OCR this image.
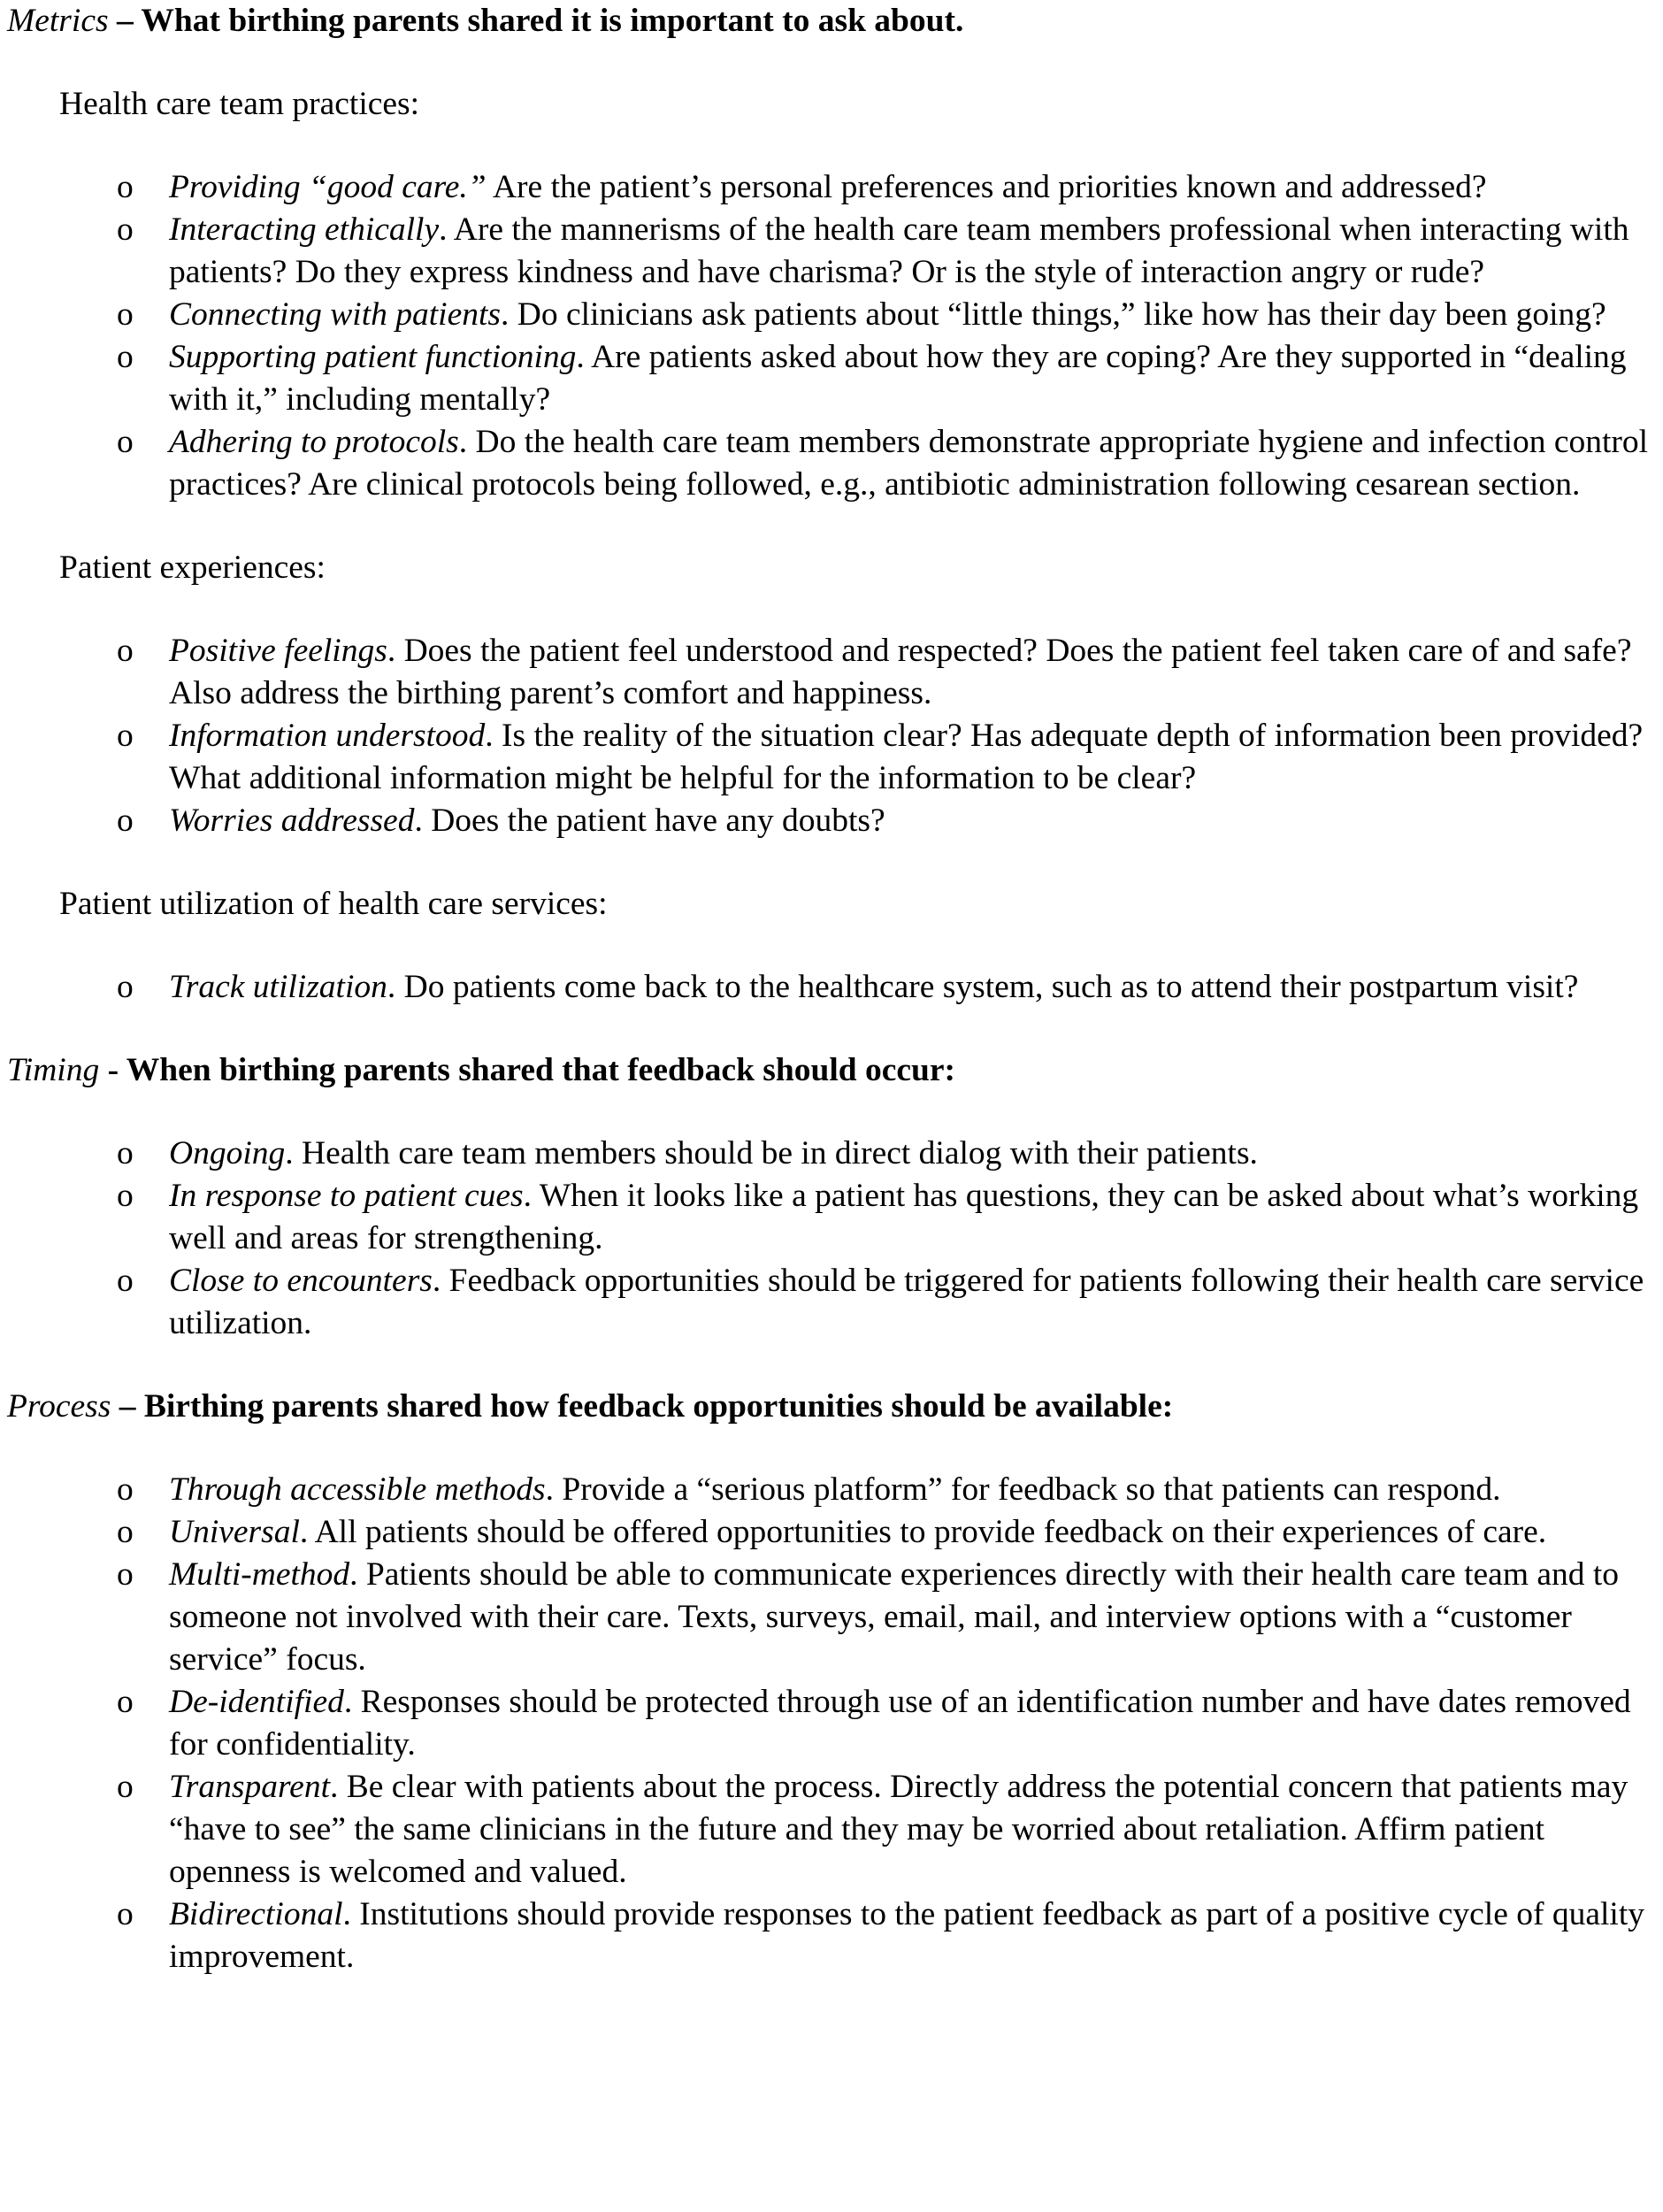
Metrics – What birthing parents shared it is important to ask about.
Health care team practices:
o Providing “good care.” Are the patient’s personal preferences and priorities known and addressed?
o Interacting ethically. Are the mannerisms of the health care team members professional when interacting with patients? Do they express kindness and have charisma? Or is the style of interaction angry or rude?
o Connecting with patients. Do clinicians ask patients about “little things,” like how has their day been going?
o Supporting patient functioning. Are patients asked about how they are coping? Are they supported in “dealing with it,” including mentally?
o Adhering to protocols. Do the health care team members demonstrate appropriate hygiene and infection control practices? Are clinical protocols being followed, e.g., antibiotic administration following cesarean section.
Patient experiences:
o Positive feelings. Does the patient feel understood and respected? Does the patient feel taken care of and safe? Also address the birthing parent’s comfort and happiness.
o Information understood. Is the reality of the situation clear? Has adequate depth of information been provided? What additional information might be helpful for the information to be clear?
o Worries addressed. Does the patient have any doubts?
Patient utilization of health care services:
o Track utilization. Do patients come back to the healthcare system, such as to attend their postpartum visit?
Timing - When birthing parents shared that feedback should occur:
o Ongoing. Health care team members should be in direct dialog with their patients.
o In response to patient cues. When it looks like a patient has questions, they can be asked about what’s working well and areas for strengthening.
o Close to encounters. Feedback opportunities should be triggered for patients following their health care service utilization.
Process – Birthing parents shared how feedback opportunities should be available:
o Through accessible methods. Provide a “serious platform” for feedback so that patients can respond.
o Universal. All patients should be offered opportunities to provide feedback on their experiences of care.
o Multi-method. Patients should be able to communicate experiences directly with their health care team and to someone not involved with their care. Texts, surveys, email, mail, and interview options with a “customer service” focus.
o De-identified. Responses should be protected through use of an identification number and have dates removed for confidentiality.
o Transparent. Be clear with patients about the process. Directly address the potential concern that patients may “have to see” the same clinicians in the future and they may be worried about retaliation. Affirm patient openness is welcomed and valued.
o Bidirectional. Institutions should provide responses to the patient feedback as part of a positive cycle of quality improvement.
